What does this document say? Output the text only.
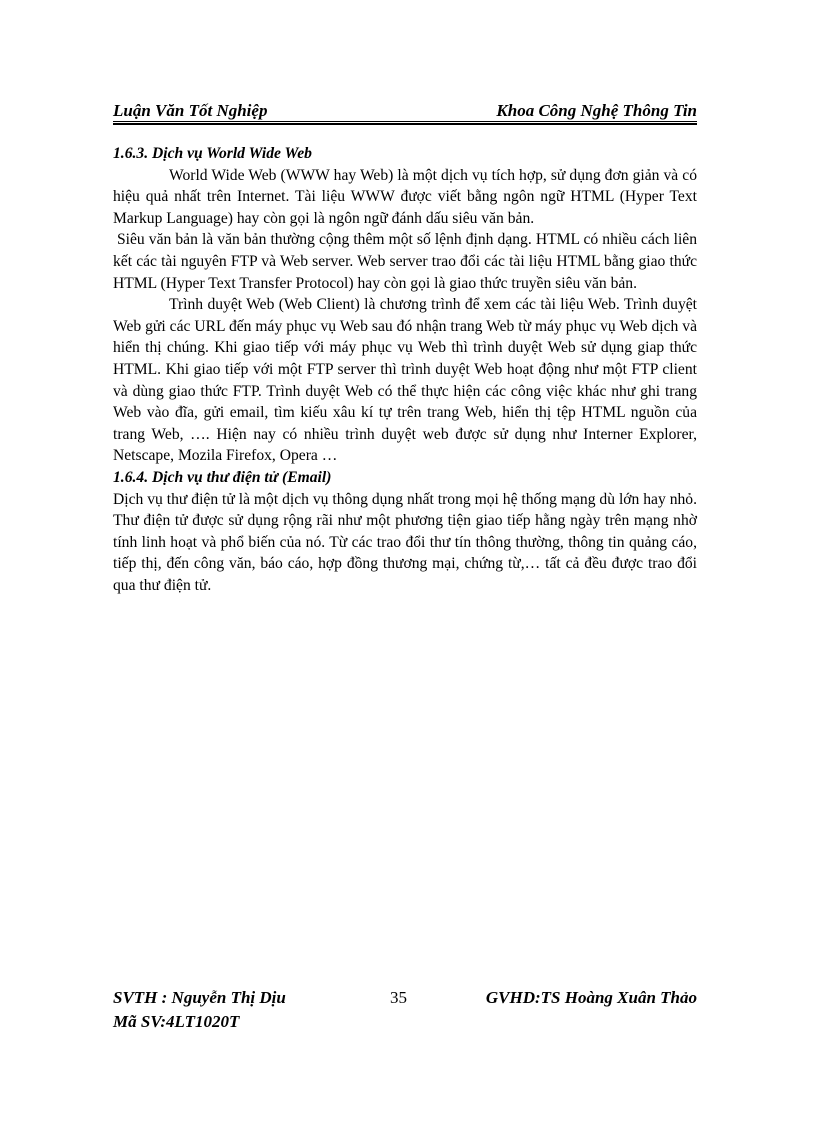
Luận Văn Tốt Nghiệp	Khoa Công Nghệ Thông Tin

1.6.3. Dịch vụ World Wide Web

World Wide Web (WWW hay Web) là một dịch vụ tích hợp, sử dụng đơn giản và có hiệu quả nhất trên Internet. Tài liệu WWW được viết bằng ngôn ngữ HTML (Hyper Text Markup Language) hay còn gọi là ngôn ngữ đánh dấu siêu văn bản.

Siêu văn bản là văn bản thường cộng thêm một số lệnh định dạng. HTML có nhiều cách liên kết các tài nguyên FTP và Web server. Web server trao đổi các tài liệu HTML bằng giao thức HTML (Hyper Text Transfer Protocol) hay còn gọi là giao thức truyền siêu văn bản.

Trình duyệt Web (Web Client) là chương trình để xem các tài liệu Web. Trình duyệt Web gửi các URL đến máy phục vụ Web sau đó nhận trang Web từ máy phục vụ Web dịch và hiển thị chúng. Khi giao tiếp với máy phục vụ Web thì trình duyệt Web sử dụng giap thức HTML. Khi giao tiếp với một FTP server thì trình duyệt Web hoạt động như một FTP client và dùng giao thức FTP. Trình duyệt Web có thể thực hiện các công việc khác như ghi trang Web vào đĩa, gửi email, tìm kiếu xâu kí tự trên trang Web, hiển thị tệp HTML nguồn của trang Web, …. Hiện nay có nhiều trình duyệt web được sử dụng như Interner Explorer, Netscape, Mozila Firefox, Opera …

1.6.4. Dịch vụ thư điện tử (Email)

Dịch vụ thư điện tử là một dịch vụ thông dụng nhất trong mọi hệ thống mạng dù lớn hay nhỏ. Thư điện tử được sử dụng rộng rãi như một phương tiện giao tiếp hằng ngày trên mạng nhờ tính linh hoạt và phổ biến của nó. Từ các trao đổi thư tín thông thường, thông tin quảng cáo, tiếp thị, đến công văn, báo cáo, hợp đồng thương mại, chứng từ,… tất cả đều được trao đổi qua thư điện tử.

SVTH : Nguyễn Thị Dịu	35	GVHD:TS Hoàng Xuân Thảo
Mã SV:4LT1020T
